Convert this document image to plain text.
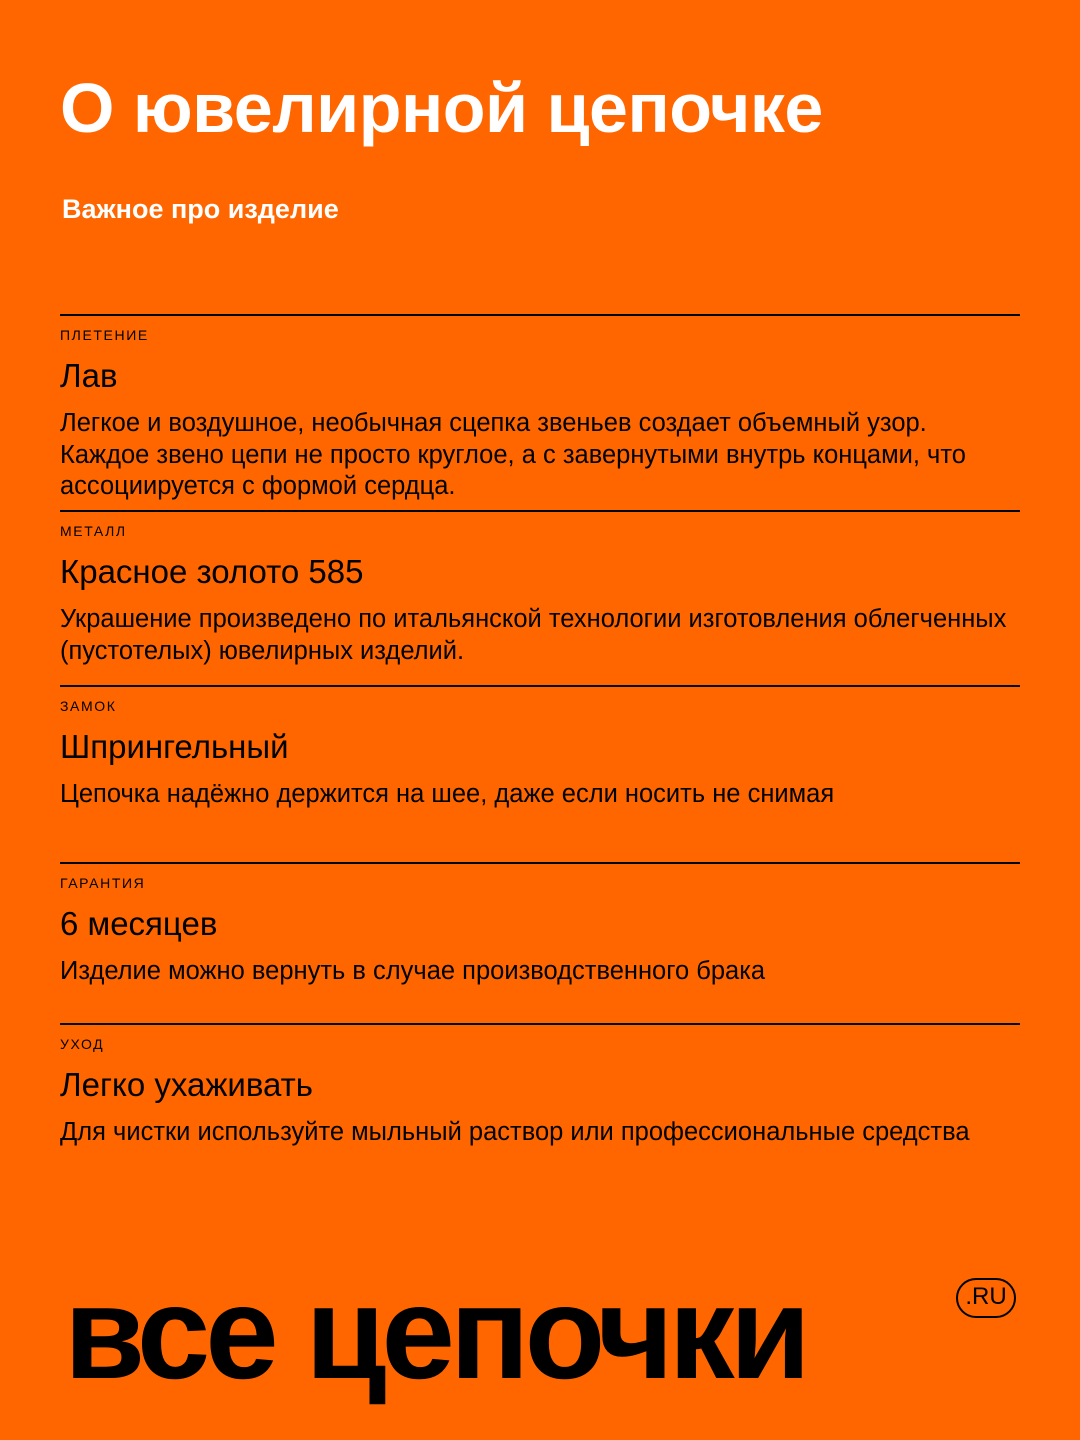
О ювелирной цепочке

Важное про изделие

ПЛЕТЕНИЕ
Лав
Легкое и воздушное, необычная сцепка звеньев создает объемный узор. Каждое звено цепи не просто круглое, а с завернутыми внутрь концами, что ассоциируется с формой сердца.
МЕТАЛЛ
Красное золото 585
Украшение произведено по итальянской технологии изготовления облегченных (пустотелых) ювелирных изделий.
ЗАМОК
Шпрингельный
Цепочка надёжно держится на шее, даже если носить не снимая
ГАРАНТИЯ
6 месяцев
Изделие можно вернуть в случае производственного брака
УХОД
Легко ухаживать
Для чистки используйте мыльный раствор или профессиональные средства
все цепочки	.RU
